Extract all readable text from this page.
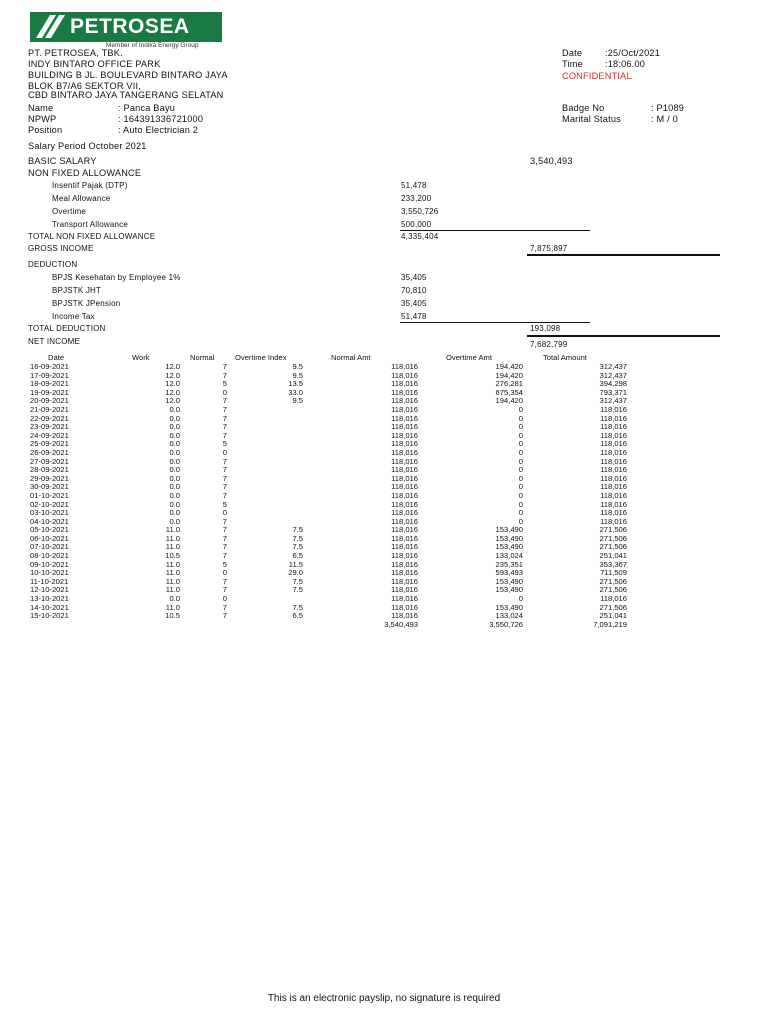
PETROSEA
Member of Indika Energy Group
PT. PETROSEA, TBK.
INDY BINTARO OFFICE PARK
BUILDING B JL. BOULEVARD BINTARO JAYA
BLOK B7/A6 SEKTOR VII,
CBD BINTARO JAYA TANGERANG SELATAN
Date :25/Oct/2021
Time :18:06.00
CONFIDENTIAL
Name	: Panca Bayu
NPWP	: 164391336721000
Position	: Auto Electrician 2
Badge No	: P1089
Marital Status	: M / 0
Salary Period October 2021
BASIC SALARY	3,540,493
NON FIXED ALLOWANCE
Insentif Pajak (DTP)	51,478
Meal Allowance	233,200
Overtime	3,550,726
Transport Allowance	500,000
TOTAL NON FIXED ALLOWANCE	4,335,404
GROSS INCOME	7,875,897
DEDUCTION
BPJS Kesehatan by Employee 1%	35,405
BPJSTK JHT	70,810
BPJSTK JPension	35,405
Income Tax	51,478
TOTAL DEDUCTION	193,098
NET INCOME	7,682,799
Date	Work	Normal	Overtime Index	Normal Amt	Overtime Amt	Total Amount
16-09-2021	12.0	7	9.5	118,016	194,420	312,437
17-09-2021	12.0	7	9.5	118,016	194,420	312,437
18-09-2021	12.0	5	13.5	118,016	276,281	394,298
19-09-2021	12.0	0	33.0	118,016	675,354	793,371
20-09-2021	12.0	7	9.5	118,016	194,420	312,437
21-09-2021	0.0	7		118,016	0	118,016
22-09-2021	0.0	7		118,016	0	118,016
23-09-2021	0.0	7		118,016	0	118,016
24-09-2021	0.0	7		118,016	0	118,016
25-09-2021	0.0	5		118,016	0	118,016
26-09-2021	0.0	0		118,016	0	118,016
27-09-2021	0.0	7		118,016	0	118,016
28-09-2021	0.0	7		118,016	0	118,016
29-09-2021	0.0	7		118,016	0	118,016
30-09-2021	0.0	7		118,016	0	118,016
01-10-2021	0.0	7		118,016	0	118,016
02-10-2021	0.0	5		118,016	0	118,016
03-10-2021	0.0	0		118,016	0	118,016
04-10-2021	0.0	7		118,016	0	118,016
05-10-2021	11.0	7	7.5	118,016	153,490	271,506
06-10-2021	11.0	7	7.5	118,016	153,490	271,506
07-10-2021	11.0	7	7.5	118,016	153,490	271,506
08-10-2021	10.5	7	6.5	118,016	133,024	251,041
09-10-2021	11.0	5	11.5	118,016	235,351	353,367
10-10-2021	11.0	0	29.0	118,016	593,493	711,509
11-10-2021	11.0	7	7.5	118,016	153,490	271,506
12-10-2021	11.0	7	7.5	118,016	153,490	271,506
13-10-2021	0.0	0		118,016	0	118,016
14-10-2021	11.0	7	7.5	118,016	153,490	271,506
15-10-2021	10.5	7	6.5	118,016	133,024	251,041
				3,540,493	3,550,726	7,091,219
This is an electronic payslip, no signature is required
